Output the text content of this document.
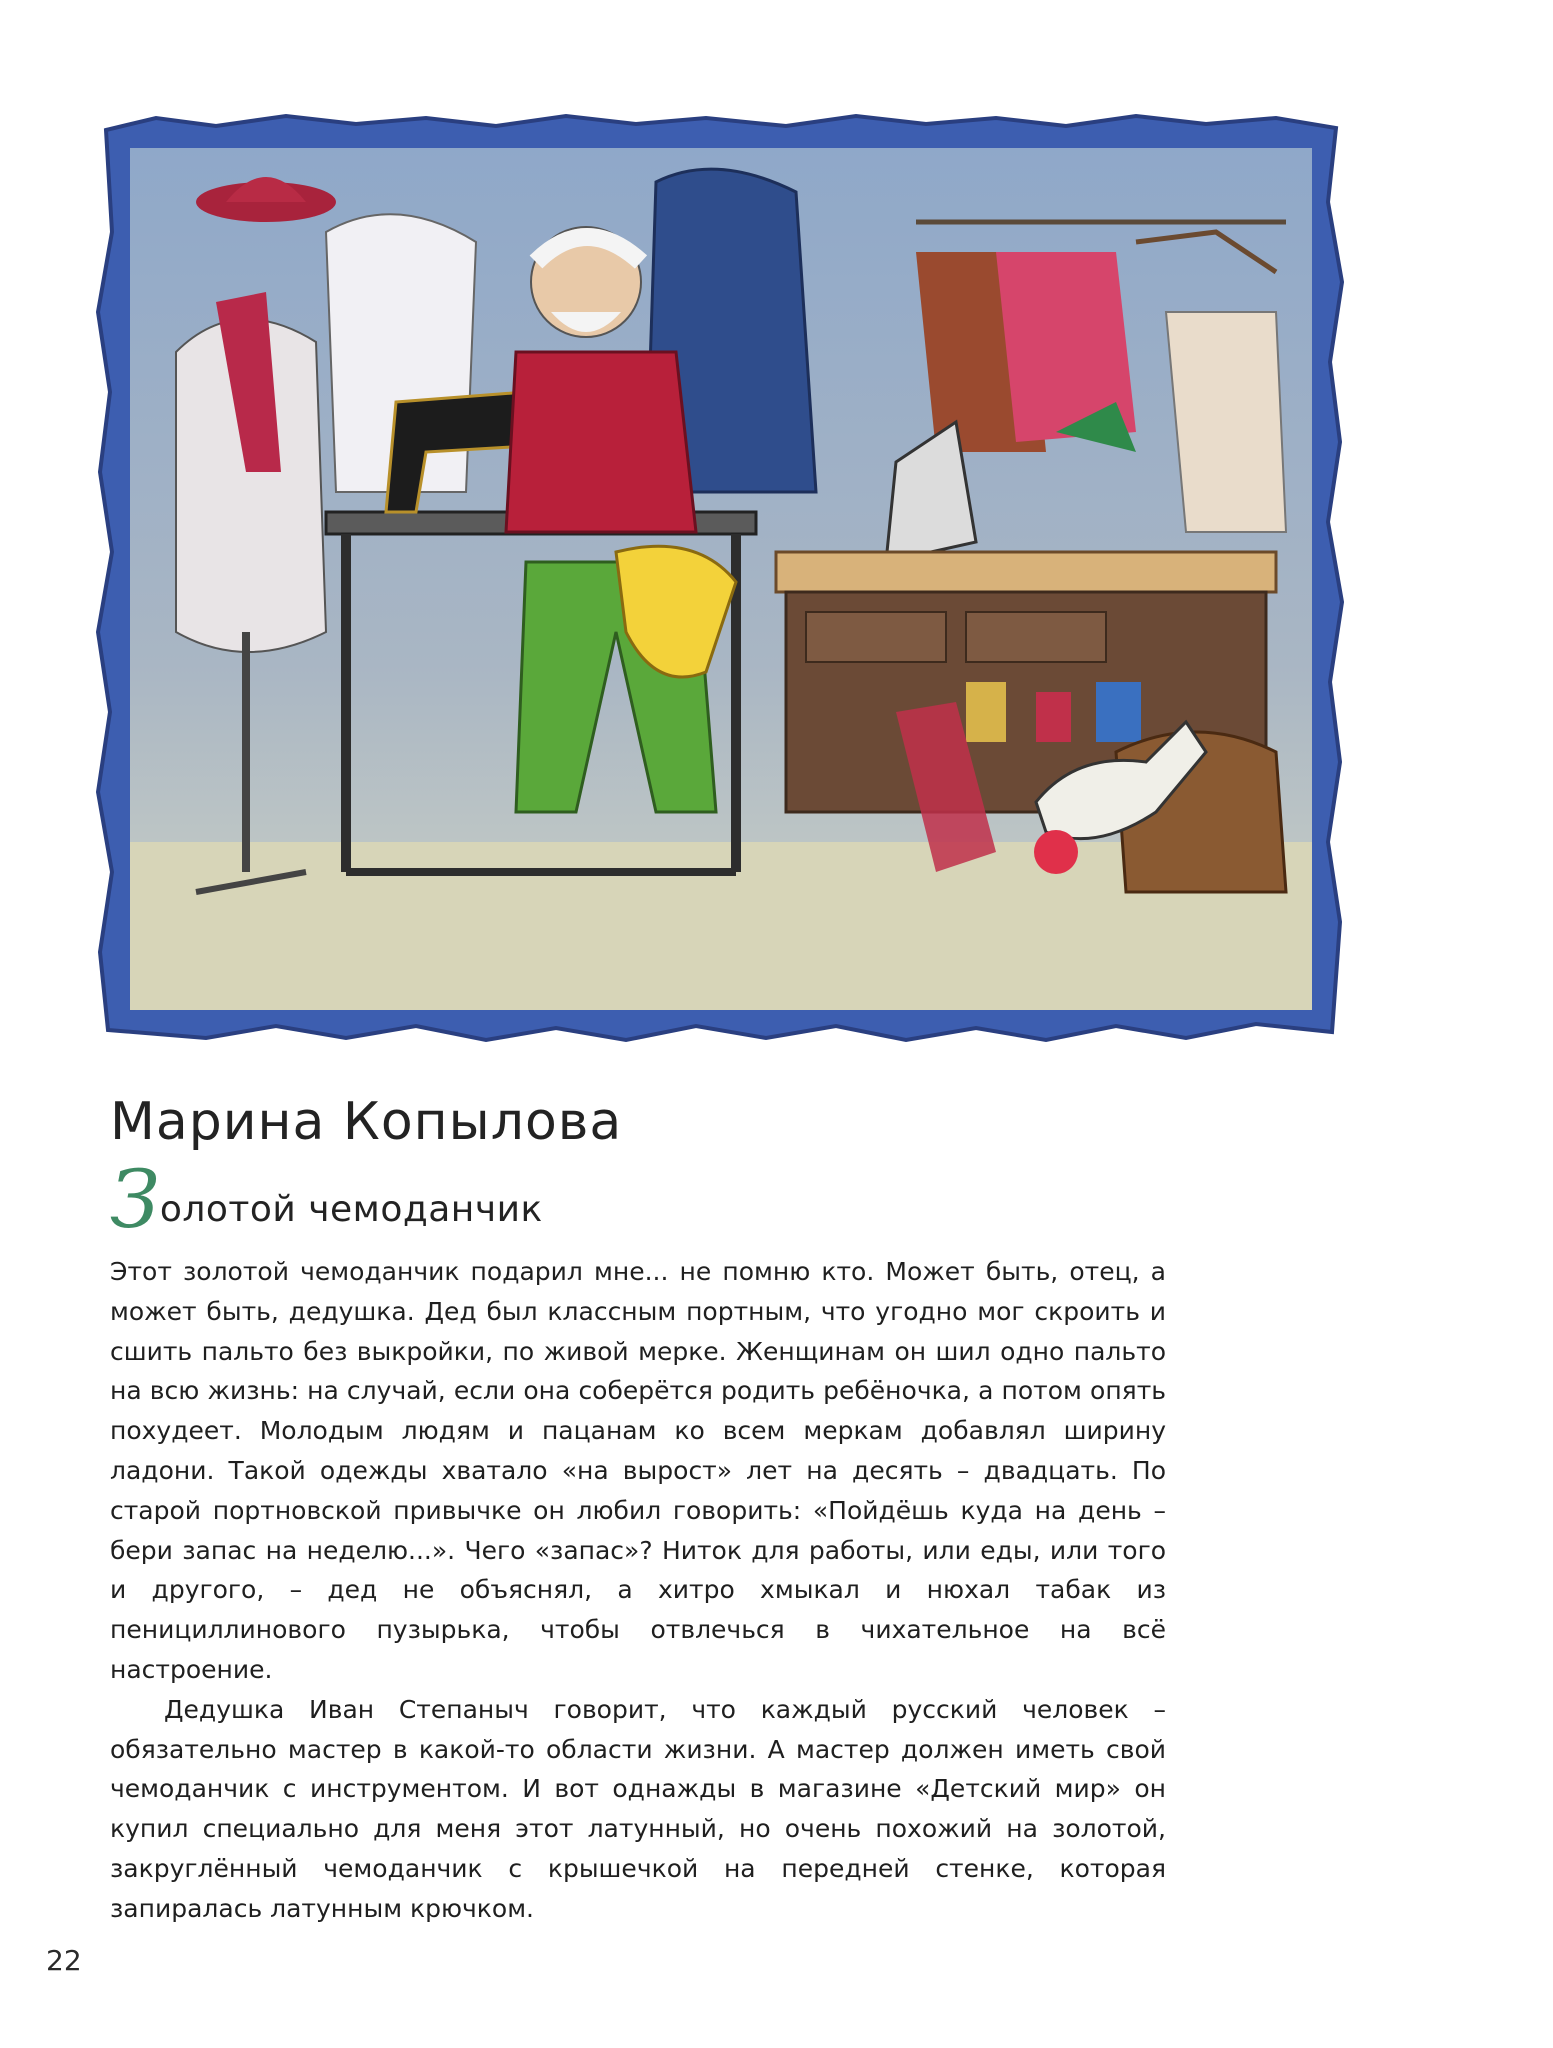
Марина Копылова
Золотой чемоданчик

Этот золотой чемоданчик подарил мне... не помню кто. Может быть, отец, а может быть, дедушка. Дед был классным портным, что угодно мог скроить и сшить пальто без выкройки, по живой мерке. Женщинам он шил одно пальто на всю жизнь: на случай, если она соберётся родить ребёночка, а потом опять похудеет. Молодым людям и пацанам ко всем меркам добавлял ширину ладони. Такой одежды хватало «на вырост» лет на десять – двадцать. По старой портновской привычке он любил говорить: «Пойдёшь куда на день – бери запас на неделю...». Чего «запас»? Ниток для работы, или еды, или того и другого, – дед не объяснял, а хитро хмыкал и нюхал табак из пенициллинового пузырька, чтобы отвлечься в чихательное на всё настроение.

Дедушка Иван Степаныч говорит, что каждый русский человек – обязательно мастер в какой-то области жизни. А мастер должен иметь свой чемоданчик с инструментом. И вот однажды в магазине «Детский мир» он купил специально для меня этот латунный, но очень похожий на золотой, закруглённый чемоданчик с крышечкой на передней стенке, которая запиралась латунным крючком.

22
